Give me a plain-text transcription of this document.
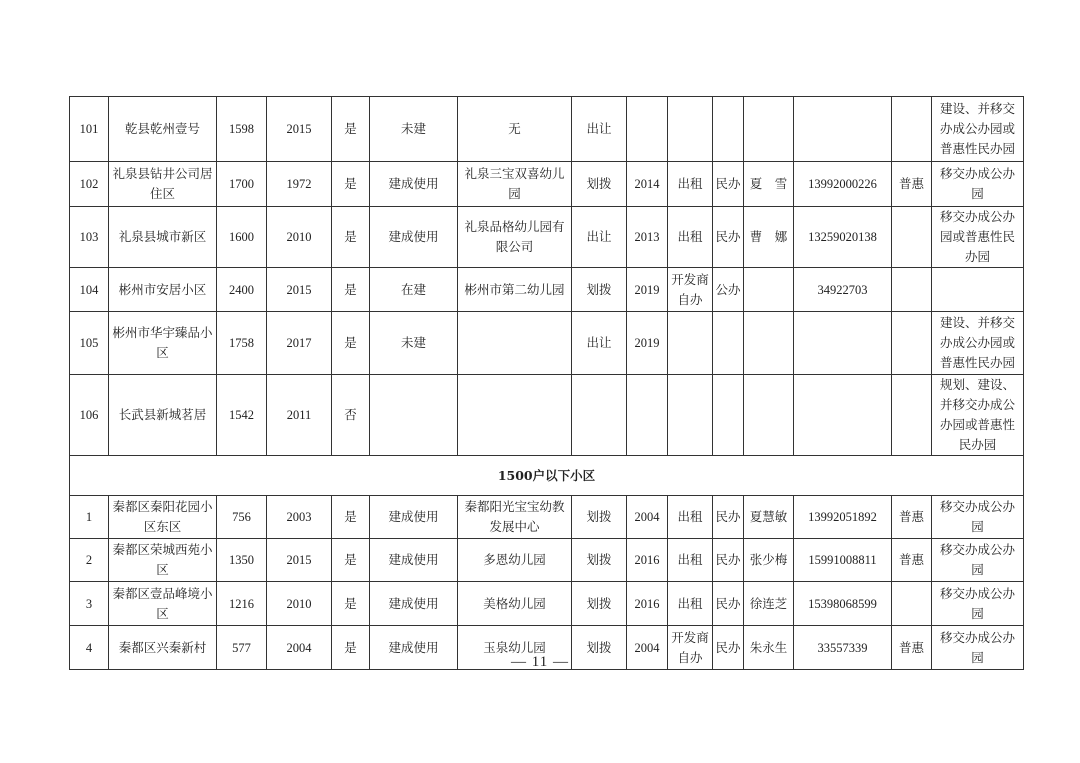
101	乾县乾州壹号	1598	2015	是	未建	无	出让							建设、并移交办成公办园或普惠性民办园
102	礼泉县钻井公司居住区	1700	1972	是	建成使用	礼泉三宝双喜幼儿园	划拨	2014	出租	民办	夏　雪	13992000226	普惠	移交办成公办园
103	礼泉县城市新区	1600	2010	是	建成使用	礼泉品格幼儿园有限公司	出让	2013	出租	民办	曹　娜	13259020138		移交办成公办园或普惠性民办园
104	彬州市安居小区	2400	2015	是	在建	彬州市第二幼儿园	划拨	2019	开发商自办	公办		34922703		
105	彬州市华宇臻品小区	1758	2017	是	未建		出让	2019						建设、并移交办成公办园或普惠性民办园
106	长武县新城茗居	1542	2011	否										规划、建设、并移交办成公办园或普惠性民办园
1500户以下小区														
1	秦都区秦阳花园小区东区	756	2003	是	建成使用	秦都阳光宝宝幼教发展中心	划拨	2004	出租	民办	夏慧敏	13992051892	普惠	移交办成公办园
2	秦都区荣城西苑小区	1350	2015	是	建成使用	多恩幼儿园	划拨	2016	出租	民办	张少梅	15991008811	普惠	移交办成公办园
3	秦都区壹品峰境小区	1216	2010	是	建成使用	美格幼儿园	划拨	2016	出租	民办	徐连芝	15398068599		移交办成公办园
4	秦都区兴秦新村	577	2004	是	建成使用	玉泉幼儿园	划拨	2004	开发商自办	民办	朱永生	33557339	普惠	移交办成公办园
— 11 —
